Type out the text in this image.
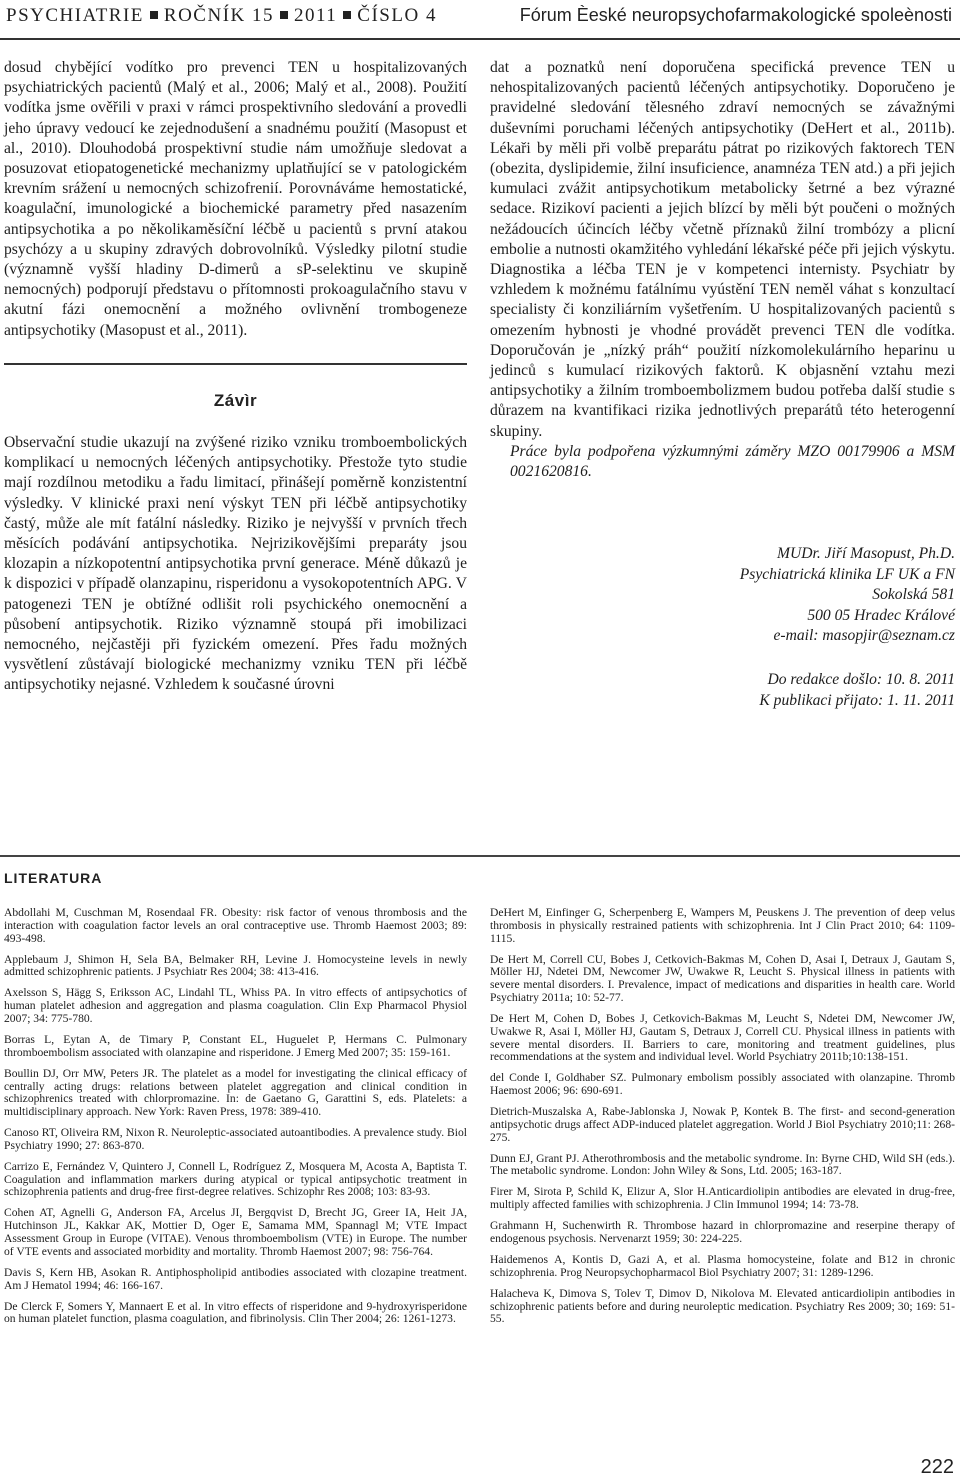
PSYCHIATRIE ROČNÍK 15 2011 ČÍSLO 4	Fórum Èeské neuropsychofarmakologické spoleènosti

dosud chybějící vodítko pro prevenci TEN u hospitalizovaných psychiatrických pacientů (Malý et al., 2006; Malý et al., 2008). Použití vodítka jsme ověřili v praxi v rámci prospektivního sledování a provedli jeho úpravy vedoucí ke zejednodušení a snadnému použití (Masopust et al., 2010). Dlouhodobá prospektivní studie nám umožňuje sledovat a posuzovat etiopatogenetické mechanizmy uplatňující se v patologickém krevním srážení u nemocných schizofrenií. Porovnáváme hemostatické, koagulační, imunologické a biochemické parametry před nasazením antipsychotika a po několikaměsíční léčbě u pacientů s první atakou psychózy a u skupiny zdravých dobrovolníků. Výsledky pilotní studie (významně vyšší hladiny D-dimerů a sP-selektinu ve skupině nemocných) podporují představu o přítomnosti prokoagulačního stavu v akutní fázi onemocnění a možného ovlivnění trombogeneze antipsychotiky (Masopust et al., 2011).

Závìr

Observační studie ukazují na zvýšené riziko vzniku tromboembolických komplikací u nemocných léčených antipsychotiky. Přestože tyto studie mají rozdílnou metodiku a řadu limitací, přinášejí poměrně konzistentní výsledky. V klinické praxi není výskyt TEN při léčbě antipsychotiky častý, může ale mít fatální následky. Riziko je nejvyšší v prvních třech měsících podávání antipsychotika. Nejrizikovějšími preparáty jsou klozapin a nízkopotentní antipsychotika první generace. Méně důkazů je k dispozici v případě olanzapinu, risperidonu a vysokopotentních APG. V patogenezi TEN je obtížné odlišit roli psychického onemocnění a působení antipsychotik. Riziko významně stoupá při imobilizaci nemocného, nejčastěji při fyzickém omezení. Přes řadu možných vysvětlení zůstávají biologické mechanizmy vzniku TEN při léčbě antipsychotiky nejasné. Vzhledem k současné úrovni

dat a poznatků není doporučena specifická prevence TEN u nehospitalizovaných pacientů léčených antipsychotiky. Doporučeno je pravidelné sledování tělesného zdraví nemocných se závažnými duševními poruchami léčených antipsychotiky (DeHert et al., 2011b). Lékaři by měli při volbě preparátu pátrat po rizikových faktorech TEN (obezita, dyslipidemie, žilní insuficience, anamnéza TEN atd.) a při jejich kumulaci zvážit antipsychotikum metabolicky šetrné a bez výrazné sedace. Rizikoví pacienti a jejich blízcí by měli být poučeni o možných nežádoucích účincích léčby včetně příznaků žilní trombózy a plicní embolie a nutnosti okamžitého vyhledání lékařské péče při jejich výskytu. Diagnostika a léčba TEN je v kompetenci internisty. Psychiatr by vzhledem k možnému fatálnímu vyústění TEN neměl váhat s konzultací specialisty či konziliárním vyšetřením. U hospitalizovaných pacientů s omezením hybnosti je vhodné provádět prevenci TEN dle vodítka. Doporučován je „nízký práh“ použití nízkomolekulárního heparinu u jedinců s kumulací rizikových faktorů. K objasnění vztahu mezi antipsychotiky a žilním tromboembolizmem budou potřeba další studie s důrazem na kvantifikaci rizika jednotlivých preparátů této heterogenní skupiny.

Práce byla podpořena výzkumnými záměry MZO 00179906 a MSM 0021620816.

MUDr. Jiří Masopust, Ph.D.
Psychiatrická klinika LF UK a FN
Sokolská 581
500 05 Hradec Králové
e-mail: masopjir@seznam.cz
Do redakce došlo: 10. 8. 2011
K publikaci přijato: 1. 11. 2011
LITERATURA

Abdollahi M, Cuschman M, Rosendaal FR. Obesity: risk factor of venous thrombosis and the interaction with coagulation factor levels an oral contraceptive use. Thromb Haemost 2003; 89: 493-498.

Applebaum J, Shimon H, Sela BA, Belmaker RH, Levine J. Homocysteine levels in newly admitted schizophrenic patients. J Psychiatr Res 2004; 38: 413-416.

Axelsson S, Hägg S, Eriksson AC, Lindahl TL, Whiss PA. In vitro effects of antipsychotics of human platelet adhesion and aggregation and plasma coagulation. Clin Exp Pharmacol Physiol 2007; 34: 775-780.

Borras L, Eytan A, de Timary P, Constant EL, Huguelet P, Hermans C. Pulmonary thromboembolism associated with olanzapine and risperidone. J Emerg Med 2007; 35: 159-161.

Boullin DJ, Orr MW, Peters JR. The platelet as a model for investigating the clinical efficacy of centrally acting drugs: relations between platelet aggregation and clinical condition in schizophrenics treated with chlorpromazine. In: de Gaetano G, Garattini S, eds. Platelets: a multidisciplinary approach. New York: Raven Press, 1978: 389-410.

Canoso RT, Oliveira RM, Nixon R. Neuroleptic-associated autoantibodies. A prevalence study. Biol Psychiatry 1990; 27: 863-870.

Carrizo E, Fernández V, Quintero J, Connell L, Rodríguez Z, Mosquera M, Acosta A, Baptista T. Coagulation and inflammation markers during atypical or typical antipsychotic treatment in schizophrenia patients and drug-free first-degree relatives. Schizophr Res 2008; 103: 83-93.

Cohen AT, Agnelli G, Anderson FA, Arcelus JI, Bergqvist D, Brecht JG, Greer IA, Heit JA, Hutchinson JL, Kakkar AK, Mottier D, Oger E, Samama MM, Spannagl M; VTE Impact Assessment Group in Europe (VITAE). Venous thromboembolism (VTE) in Europe. The number of VTE events and associated morbidity and mortality. Thromb Haemost 2007; 98: 756-764.

Davis S, Kern HB, Asokan R. Antiphospholipid antibodies associated with clozapine treatment. Am J Hematol 1994; 46: 166-167.

De Clerck F, Somers Y, Mannaert E et al. In vitro effects of risperidone and 9-hydroxyrisperidone on human platelet function, plasma coagulation, and fibrinolysis. Clin Ther 2004; 26: 1261-1273.

DeHert M, Einfinger G, Scherpenberg E, Wampers M, Peuskens J. The prevention of deep velus thrombosis in physically restrained patients with schizophrenia. Int J Clin Pract 2010; 64: 1109-1115.

De Hert M, Correll CU, Bobes J, Cetkovich-Bakmas M, Cohen D, Asai I, Detraux J, Gautam S, Möller HJ, Ndetei DM, Newcomer JW, Uwakwe R, Leucht S. Physical illness in patients with severe mental disorders. I. Prevalence, impact of medications and disparities in health care. World Psychiatry 2011a; 10: 52-77.

De Hert M, Cohen D, Bobes J, Cetkovich-Bakmas M, Leucht S, Ndetei DM, Newcomer JW, Uwakwe R, Asai I, Möller HJ, Gautam S, Detraux J, Correll CU. Physical illness in patients with severe mental disorders. II. Barriers to care, monitoring and treatment guidelines, plus recommendations at the system and individual level. World Psychiatry 2011b;10:138-151.

del Conde I, Goldhaber SZ. Pulmonary embolism possibly associated with olanzapine. Thromb Haemost 2006; 96: 690-691.

Dietrich-Muszalska A, Rabe-Jablonska J, Nowak P, Kontek B. The first- and second-generation antipsychotic drugs affect ADP-induced platelet aggregation. World J Biol Psychiatry 2010;11: 268-275.

Dunn EJ, Grant PJ. Atherothrombosis and the metabolic syndrome. In: Byrne CHD, Wild SH (eds.). The metabolic syndrome. London: John Wiley & Sons, Ltd. 2005; 163-187.

Firer M, Sirota P, Schild K, Elizur A, Slor H.Anticardiolipin antibodies are elevated in drug-free, multiply affected families with schizophrenia. J Clin Immunol 1994; 14: 73-78.

Grahmann H, Suchenwirth R. Thrombose hazard in chlorpromazine and reserpine therapy of endogenous psychosis. Nervenarzt 1959; 30: 224-225.

Haidemenos A, Kontis D, Gazi A, et al. Plasma homocysteine, folate and B12 in chronic schizophrenia. Prog Neuropsychopharmacol Biol Psychiatry 2007; 31: 1289-1296.

Halacheva K, Dimova S, Tolev T, Dimov D, Nikolova M. Elevated anticardiolipin antibodies in schizophrenic patients before and during neuroleptic medication. Psychiatry Res 2009; 30; 169: 51-55.

222
